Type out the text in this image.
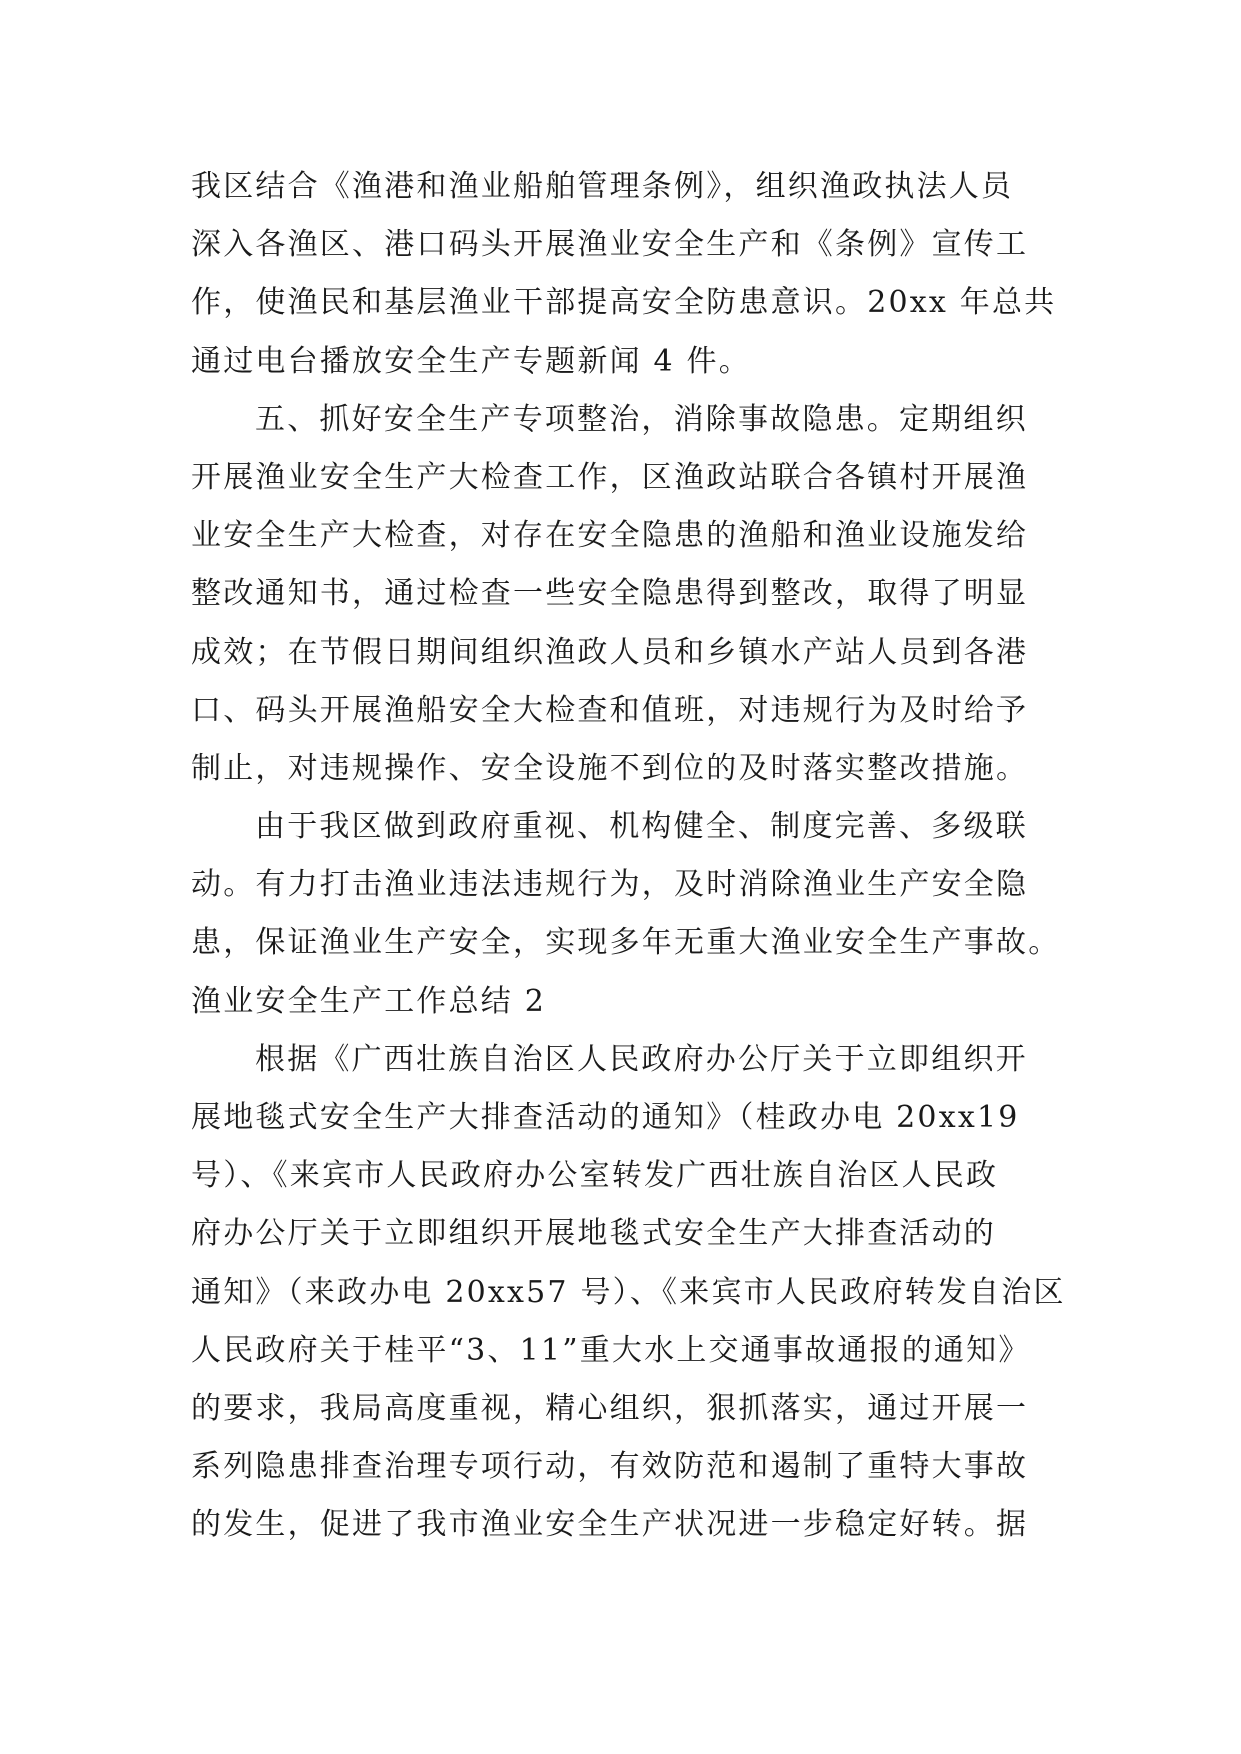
我区结合《渔港和渔业船舶管理条例》，组织渔政执法人员
深入各渔区、港口码头开展渔业安全生产和《条例》宣传工
作，使渔民和基层渔业干部提高安全防患意识。20xx 年总共
通过电台播放安全生产专题新闻 4 件。
五、抓好安全生产专项整治，消除事故隐患。定期组织
开展渔业安全生产大检查工作，区渔政站联合各镇村开展渔
业安全生产大检查，对存在安全隐患的渔船和渔业设施发给
整改通知书，通过检查一些安全隐患得到整改，取得了明显
成效；在节假日期间组织渔政人员和乡镇水产站人员到各港
口、码头开展渔船安全大检查和值班，对违规行为及时给予
制止，对违规操作、安全设施不到位的及时落实整改措施。
由于我区做到政府重视、机构健全、制度完善、多级联
动。有力打击渔业违法违规行为，及时消除渔业生产安全隐
患，保证渔业生产安全，实现多年无重大渔业安全生产事故。
渔业安全生产工作总结 2
根据《广西壮族自治区人民政府办公厅关于立即组织开
展地毯式安全生产大排查活动的通知》（桂政办电 20xx19
号）、《来宾市人民政府办公室转发广西壮族自治区人民政
府办公厅关于立即组织开展地毯式安全生产大排查活动的
通知》（来政办电 20xx57 号）、《来宾市人民政府转发自治区
人民政府关于桂平“3、11”重大水上交通事故通报的通知》
的要求，我局高度重视，精心组织，狠抓落实，通过开展一
系列隐患排查治理专项行动，有效防范和遏制了重特大事故
的发生，促进了我市渔业安全生产状况进一步稳定好转。据
